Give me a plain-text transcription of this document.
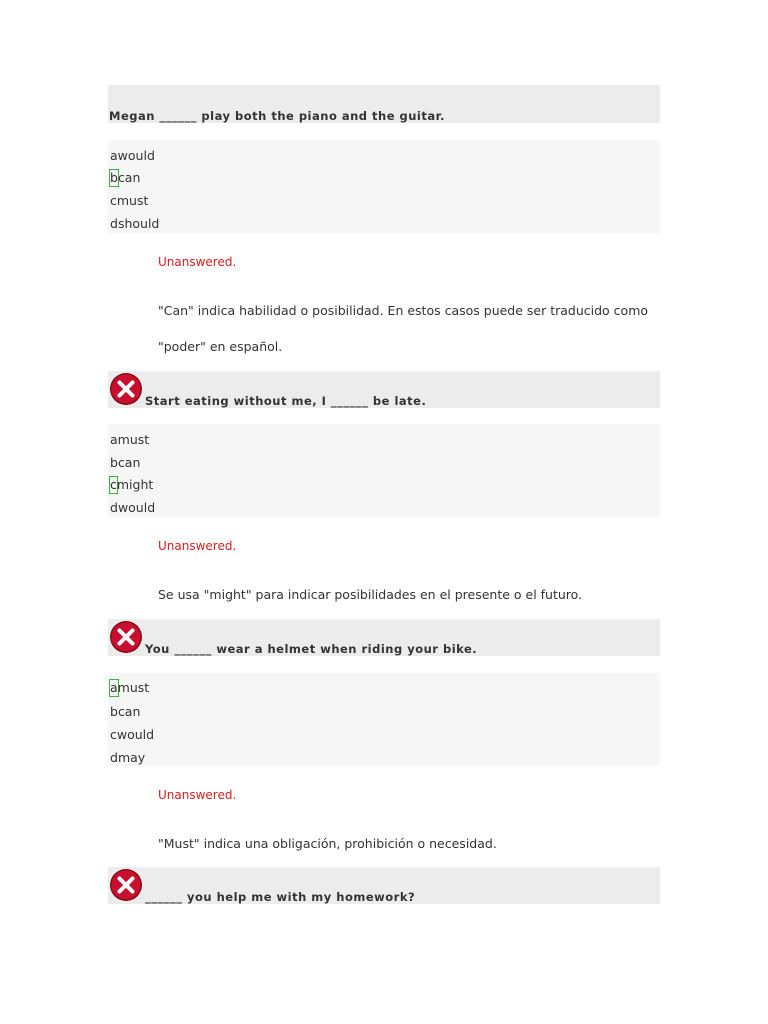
Megan ______ play both the piano and the guitar.
awould
bcan
cmust
dshould
Unanswered.
"Can" indica habilidad o posibilidad. En estos casos puede ser traducido como
"poder" en español.
Start eating without me, I ______ be late.
amust
bcan
cmight
dwould
Unanswered.
Se usa "might" para indicar posibilidades en el presente o el futuro.
You ______ wear a helmet when riding your bike.
amust
bcan
cwould
dmay
Unanswered.
"Must" indica una obligación, prohibición o necesidad.
______ you help me with my homework?
